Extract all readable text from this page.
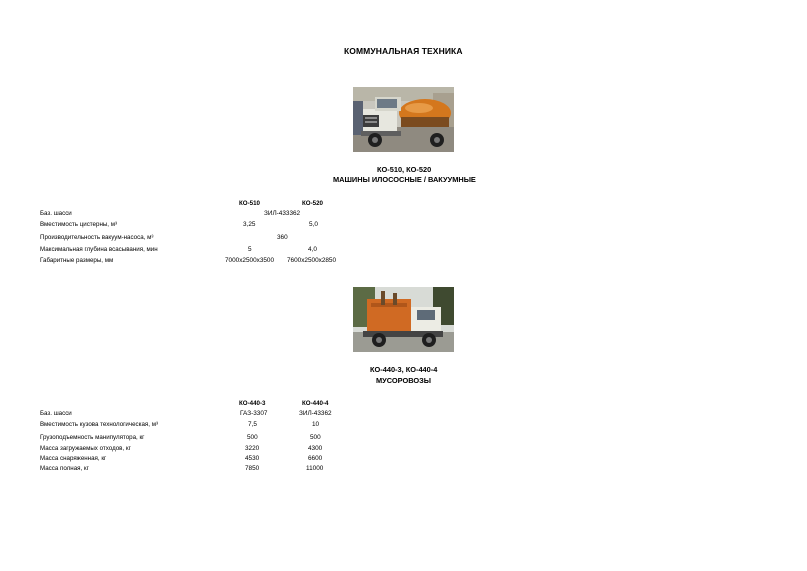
КОММУНАЛЬНАЯ ТЕХНИКА
КО-510, КО-520
МАШИНЫ ИЛОСОСНЫЕ / ВАКУУМНЫЕ
КО-510	КО-520
Баз. шасси	ЗИЛ-433362
Вместимость цистерны, м³	3,25	5,0
Производительность вакуум-насоса, м³	360
Максимальная глубина всасывания, мин	5	4,0
Габаритные размеры, мм	7000x2500x3500 7600x2500x2850
КО-440-3, КО-440-4
МУСОРОВОЗЫ
КО-440-3	КО-440-4
Баз. шасси	ГАЗ-3307	ЗИЛ-43362
Вместимость кузова технологическая, м³	7,5	10
Грузоподъемность манипулятора, кг	500	500
Масса загружаемых отходов, кг	3220	4300
Масса снаряженная, кг	4530	6600
Масса полная, кг	7850	11000
